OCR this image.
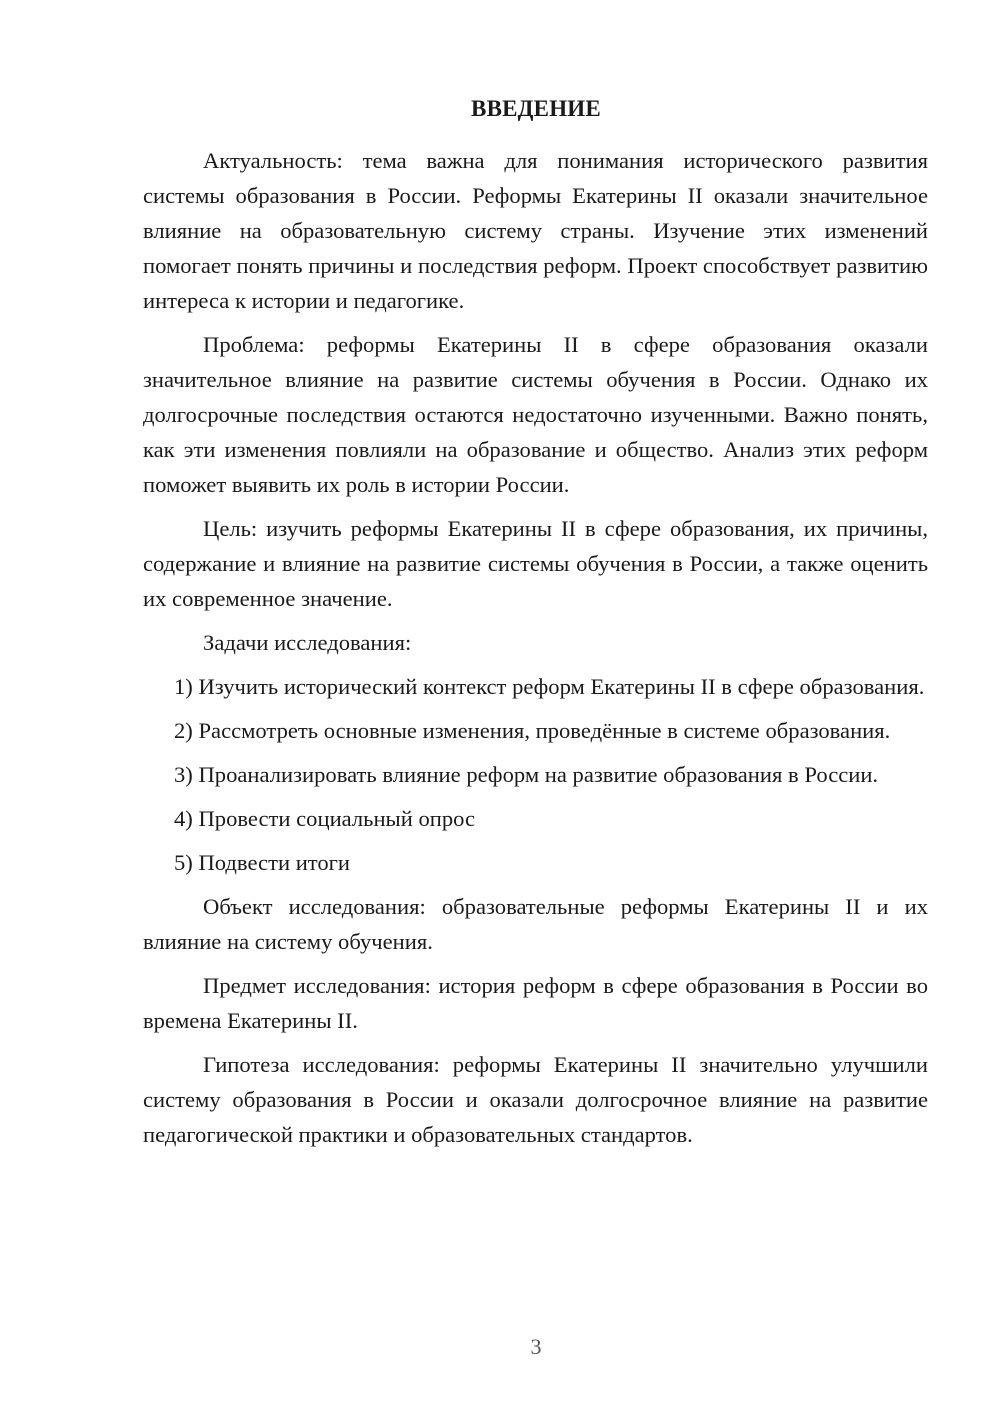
ВВЕДЕНИЕ

Актуальность: тема важна для понимания исторического развития системы образования в России. Реформы Екатерины II оказали значительное влияние на образовательную систему страны. Изучение этих изменений помогает понять причины и последствия реформ. Проект способствует развитию интереса к истории и педагогике.

Проблема: реформы Екатерины II в сфере образования оказали значительное влияние на развитие системы обучения в России. Однако их долгосрочные последствия остаются недостаточно изученными. Важно понять, как эти изменения повлияли на образование и общество. Анализ этих реформ поможет выявить их роль в истории России.

Цель: изучить реформы Екатерины II в сфере образования, их причины, содержание и влияние на развитие системы обучения в России, а также оценить их современное значение.

Задачи исследования:

1) Изучить исторический контекст реформ Екатерины II в сфере образования.

2) Рассмотреть основные изменения, проведённые в системе образования.

3) Проанализировать влияние реформ на развитие образования в России.

4) Провести социальный опрос

5) Подвести итоги

Объект исследования: образовательные реформы Екатерины II и их влияние на систему обучения.

Предмет исследования: история реформ в сфере образования в России во времена Екатерины II.

Гипотеза исследования: реформы Екатерины II значительно улучшили систему образования в России и оказали долгосрочное влияние на развитие педагогической практики и образовательных стандартов.

3
